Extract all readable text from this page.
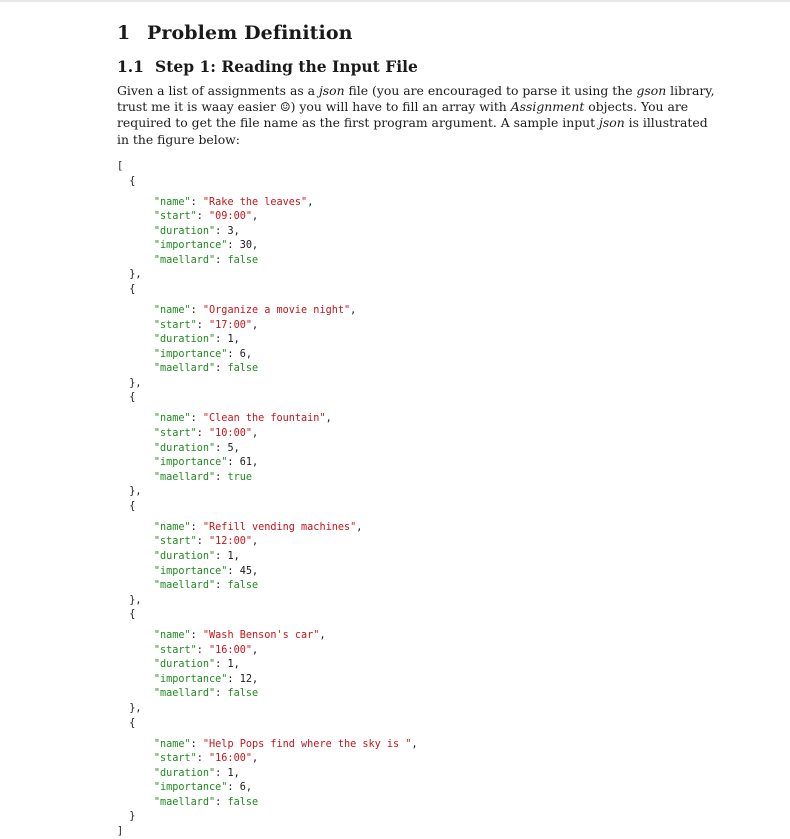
1 Problem Definition
1.1 Step 1: Reading the Input File
Given a list of assignments as a json file (you are encouraged to parse it using the gson library,
trust me it is waay easier ☺) you will have to fill an array with Assignment objects. You are
required to get the file name as the first program argument. A sample input json is illustrated
in the figure below:
[
{
"name": "Rake the leaves",
"start": "09:00",
"duration": 3,
"importance": 30,
"maellard": false
},
{
"name": "Organize a movie night",
"start": "17:00",
"duration": 1,
"importance": 6,
"maellard": false
},
{
"name": "Clean the fountain",
"start": "10:00",
"duration": 5,
"importance": 61,
"maellard": true
},
{
"name": "Refill vending machines",
"start": "12:00",
"duration": 1,
"importance": 45,
"maellard": false
},
{
"name": "Wash Benson's car",
"start": "16:00",
"duration": 1,
"importance": 12,
"maellard": false
},
{
"name": "Help Pops find where the sky is ",
"start": "16:00",
"duration": 1,
"importance": 6,
"maellard": false
}
]
